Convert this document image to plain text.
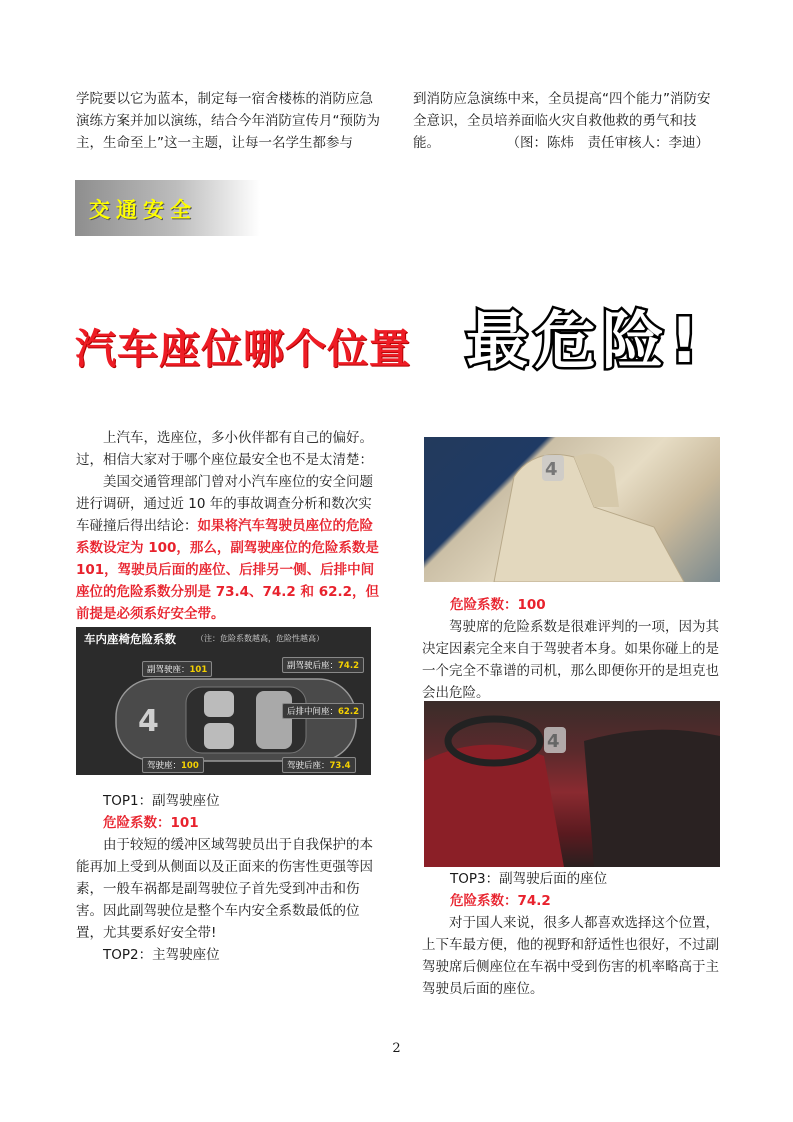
学院要以它为蓝本，制定每一宿舍楼栋的消防应急演练方案并加以演练，结合今年消防宣传月“预防为主，生命至上”这一主题，让每一名学生都参与

到消防应急演练中来，全员提高“四个能力”消防安全意识，全员培养面临火灾自救他救的勇气和技能。	（图：陈炜　责任审核人：李迪）

交通安全
汽车座位哪个位置 最危险!

上汽车，选座位，多小伙伴都有自己的偏好。过，相信大家对于哪个座位最安全也不是太清楚：

美国交通管理部门曾对小汽车座位的安全问题进行调研，通过近 10 年的事故调查分析和数次实车碰撞后得出结论：如果将汽车驾驶员座位的危险系数设定为 100，那么，副驾驶座位的危险系数是 101，驾驶员后面的座位、后排另一侧、后排中间座位的危险系数分别是 73.4、74.2 和 62.2，但前提是必须系好安全带。

车内座椅危险系数	（注：危险系数越高，危险性越高）
4
副驾驶座：101	副驾驶后座：74.2
后排中间座：62.2
驾驶座：100	驾驶后座：73.4

TOP1：副驾驶座位

危险系数：101

由于较短的缓冲区域驾驶员出于自我保护的本能再加上受到从侧面以及正面来的伤害性更强等因素，一般车祸都是副驾驶位子首先受到冲击和伤害。因此副驾驶位是整个车内安全系数最低的位置，尤其要系好安全带!

TOP2：主驾驶座位

4

危险系数：100

驾驶席的危险系数是很难评判的一项，因为其决定因素完全来自于驾驶者本身。如果你碰上的是一个完全不靠谱的司机，那么即便你开的是坦克也会出危险。

4

TOP3：副驾驶后面的座位

危险系数：74.2

对于国人来说，很多人都喜欢选择这个位置，上下车最方便，他的视野和舒适性也很好，不过副驾驶席后侧座位在车祸中受到伤害的机率略高于主驾驶员后面的座位。

2
